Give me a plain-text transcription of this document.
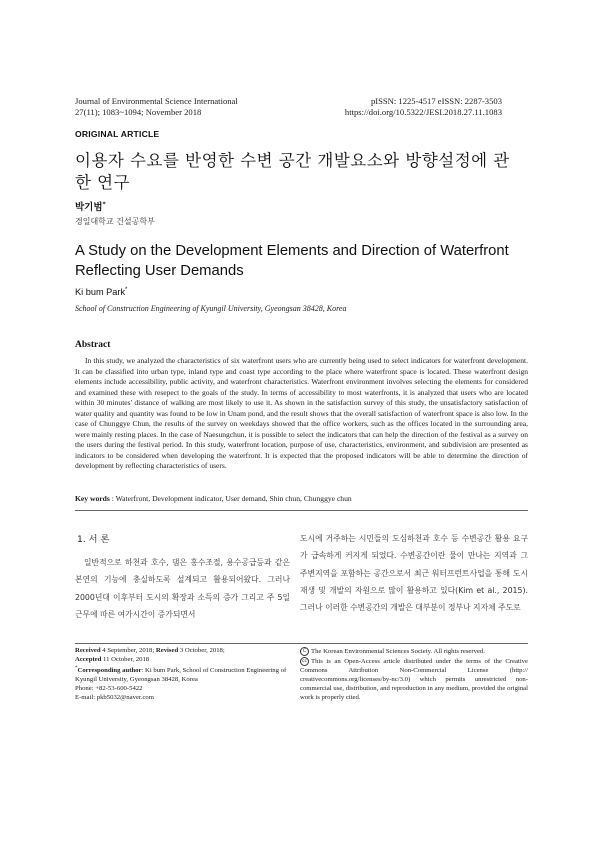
Journal of Environmental Science International
27(11); 1083~1094; November 2018
pISSN: 1225-4517 eISSN: 2287-3503
https://doi.org/10.5322/JESI.2018.27.11.1083
ORIGINAL ARTICLE
이용자 수요를 반영한 수변 공간 개발요소와 방향설정에 관한 연구
박기범*
경일대학교 건설공학부
A Study on the Development Elements and Direction of Waterfront Reflecting User Demands
Ki bum Park*
School of Construction Engineering of Kyungil University, Gyeongsan 38428, Korea
Abstract
In this study, we analyzed the characteristics of six waterfront users who are currently being used to select indicators for waterfront development. It can be classified into urban type, inland type and coast type according to the place where waterfront space is located. These waterfront design elements include accessibility, public activity, and waterfront characteristics. Waterfront environment involves selecting the elements for considered and examined these with resepect to the goals of the study. In terms of accessibility to most waterfronts, it is analyzed that users who are located within 30 minutes' distance of walking are most likely to use it. As shown in the satisfaction survey of this study, the unsatisfactory satisfaction of water quality and quantity was found to be low in Unam pond, and the result shows that the overall satisfaction of waterfront space is also low. In the case of Chunggye Chun, the results of the survey on weekdays showed that the office workers, such as the offices located in the surrounding area, were mainly resting places. In the case of Naesungchun, it is possible to select the indicators that can help the direction of the festival as a survey on the users during the festival period. In this study, waterfront location, purpose of use, characteristics, environment, and subdivision are presented as indicators to be considered when developing the waterfront. It is expected that the proposed indicators will be able to determine the direction of development by reflecting characteristics of users.
Key words : Waterfront, Development indicator, User demand, Shin chun, Chunggye chun
1. 서 론
일반적으로 하천과 호수, 댐은 홍수조절, 용수공급등과 같은 본연의 기능에 충실하도록 설계되고 활용되어왔다. 그러나 2000년대 이후부터 도시의 확장과 소득의 증가 그리고 주 5일 근무에 따른 여가시간이 증가되면서
도시에 거주하는 시민들의 도심하천과 호수 등 수변공간 활용 요구가 급속하게 커지게 되었다. 수변공간이란 물이 만나는 지역과 그 주변지역을 포함하는 공간으로서 최근 워터프런트사업을 통해 도시재생 및 개발의 자원으로 많이 활용하고 있다(Kim et al., 2015). 그러나 이러한 수변공간의 개발은 대부분이 정부나 지자체 주도로
Received 4 September, 2018; Revised 3 October, 2018;
Accepted 11 October, 2018
*Corresponding author: Ki bum Park, School of Construction Engineering of Kyungil University, Gyeongsan 38428, Korea
Phone: +82-53-600-5422
E-mail: pkb5032@naver.com
C The Korean Environmental Sciences Society. All rights reserved.
cc This is an Open-Access article distributed under the terms of the Creative Commons Attribution Non-Commercial License (http:// creativecommons.org/licenses/by-nc/3.0) which permits unrestricted non-commercial use, distribution, and reproduction in any medium, provided the original work is properly cited.
